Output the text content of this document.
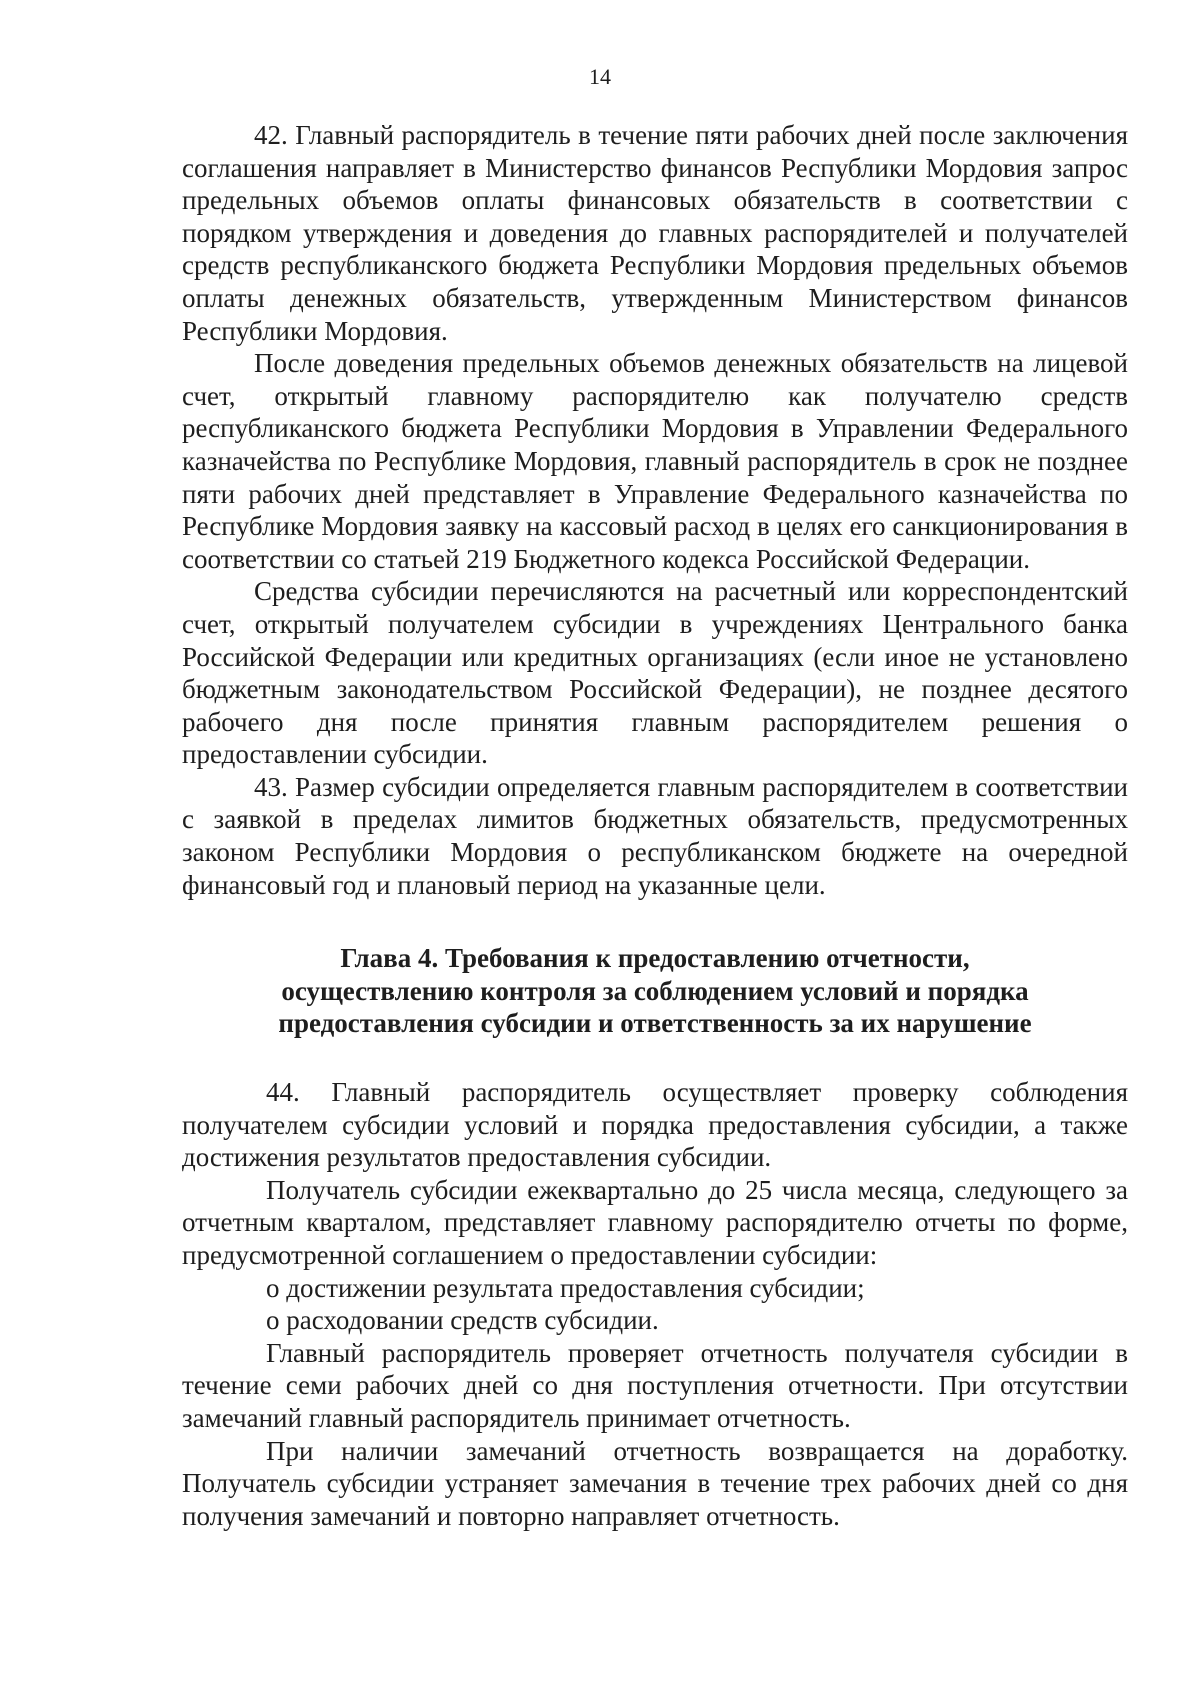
14

42. Главный распорядитель в течение пяти рабочих дней после заключения соглашения направляет в Министерство финансов Республики Мордовия запрос предельных объемов оплаты финансовых обязательств в соответствии с порядком утверждения и доведения до главных распорядителей и получателей средств республиканского бюджета Республики Мордовия предельных объемов оплаты денежных обязательств, утвержденным Министерством финансов Республики Мордовия.

После доведения предельных объемов денежных обязательств на лицевой счет, открытый главному распорядителю как получателю средств республиканского бюджета Республики Мордовия в Управлении Федерального казначейства по Республике Мордовия, главный распорядитель в срок не позднее пяти рабочих дней представляет в Управление Федерального казначейства по Республике Мордовия заявку на кассовый расход в целях его санкционирования в соответствии со статьей 219 Бюджетного кодекса Российской Федерации.

Средства субсидии перечисляются на расчетный или корреспондентский счет, открытый получателем субсидии в учреждениях Центрального банка Российской Федерации или кредитных организациях (если иное не установлено бюджетным законодательством Российской Федерации), не позднее десятого рабочего дня после принятия главным распорядителем решения о предоставлении субсидии.

43. Размер субсидии определяется главным распорядителем в соответствии с заявкой в пределах лимитов бюджетных обязательств, предусмотренных законом Республики Мордовия о республиканском бюджете на очередной финансовый год и плановый период на указанные цели.

Глава 4. Требования к предоставлению отчетности,
осуществлению контроля за соблюдением условий и порядка
предоставления субсидии и ответственность за их нарушение

44. Главный распорядитель осуществляет проверку соблюдения получателем субсидии условий и порядка предоставления субсидии, а также достижения результатов предоставления субсидии.

Получатель субсидии ежеквартально до 25 числа месяца, следующего за отчетным кварталом, представляет главному распорядителю отчеты по форме, предусмотренной соглашением о предоставлении субсидии:

о достижении результата предоставления субсидии;

о расходовании средств субсидии.

Главный распорядитель проверяет отчетность получателя субсидии в течение семи рабочих дней со дня поступления отчетности. При отсутствии замечаний главный распорядитель принимает отчетность.

При наличии замечаний отчетность возвращается на доработку. Получатель субсидии устраняет замечания в течение трех рабочих дней со дня получения замечаний и повторно направляет отчетность.
